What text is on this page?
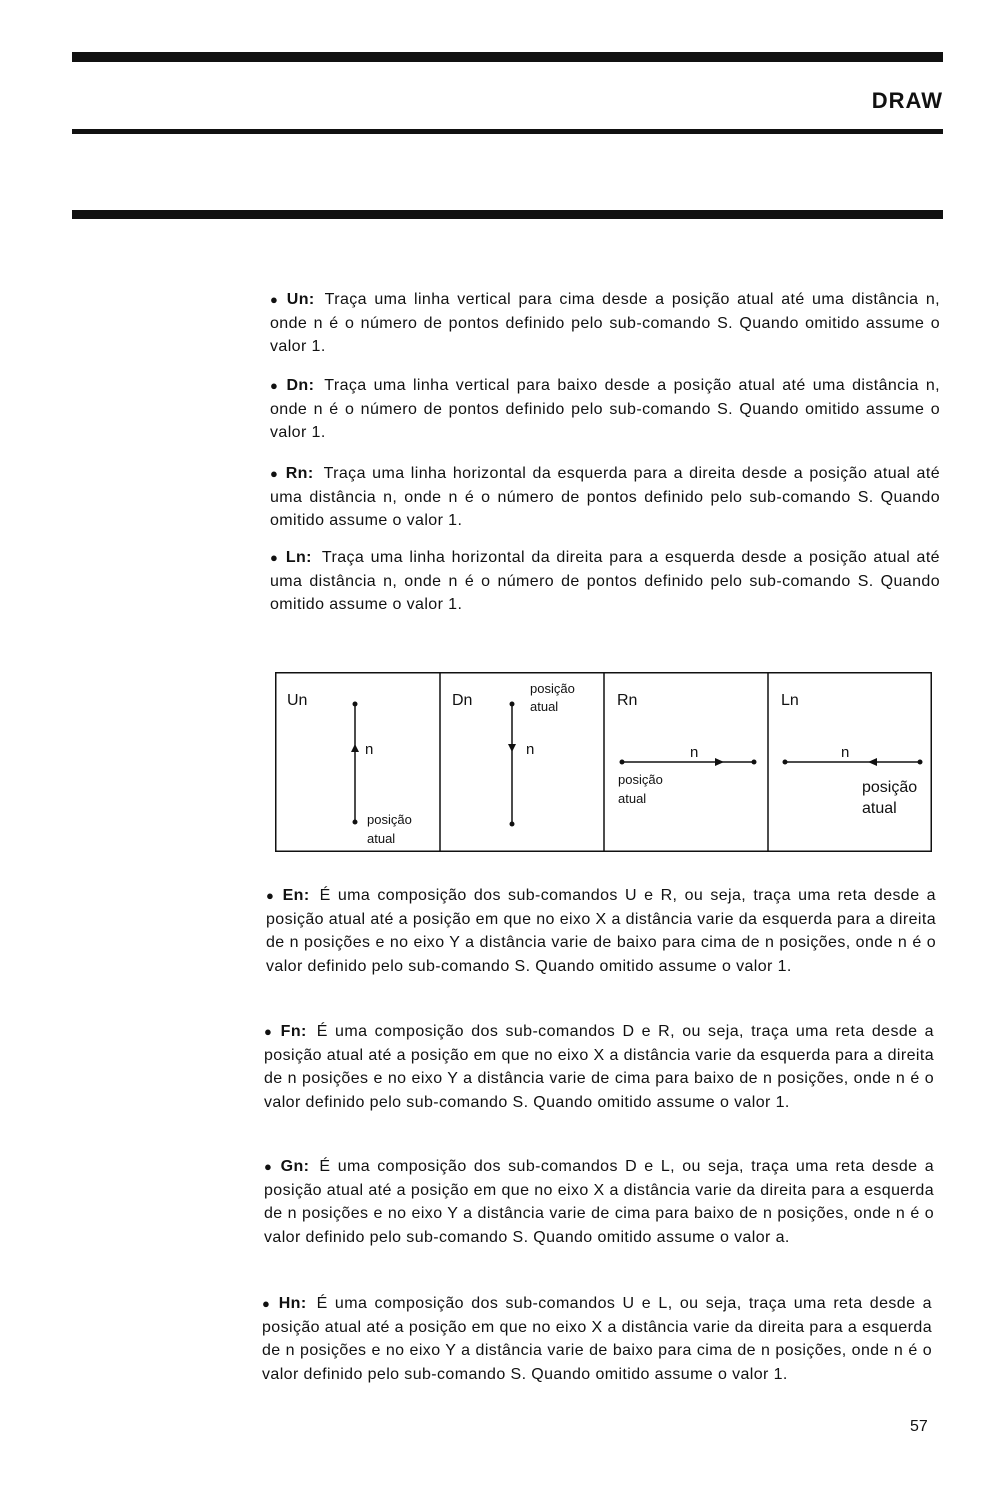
DRAW
● Un: Traça uma linha vertical para cima desde a posição atual até uma distância n, onde n é o número de pontos definido pelo sub-comando S. Quando omitido assume o valor 1.
● Dn: Traça uma linha vertical para baixo desde a posição atual até uma distância n, onde n é o número de pontos definido pelo sub-comando S. Quando omitido assume o valor 1.
● Rn: Traça uma linha horizontal da esquerda para a direita desde a posição atual até uma distância n, onde n é o número de pontos definido pelo sub-comando S. Quando omitido assume o valor 1.
● Ln: Traça uma linha horizontal da direita para a esquerda desde a posição atual até uma distância n, onde n é o número de pontos definido pelo sub-comando S. Quando omitido assume o valor 1.
Un
n
posição
atual
Dn
n
posição
atual	Rn
n
posição
atual
Ln
n
posição
atual
● En: É uma composição dos sub-comandos U e R, ou seja, traça uma reta desde a posição atual até a posição em que no eixo X a distância varie da esquerda para a direita de n posições e no eixo Y a distância varie de baixo para cima de n posições, onde n é o valor definido pelo sub-comando S. Quando omitido assume o valor 1.
● Fn: É uma composição dos sub-comandos D e R, ou seja, traça uma reta desde a posição atual até a posição em que no eixo X a distância varie da esquerda para a direita de n posições e no eixo Y a distância varie de cima para baixo de n posições, onde n é o valor definido pelo sub-comando S. Quando omitido assume o valor 1.
● Gn: É uma composição dos sub-comandos D e L, ou seja, traça uma reta desde a posição atual até a posição em que no eixo X a distância varie da direita para a esquerda de n posições e no eixo Y a distância varie de cima para baixo de n posições, onde n é o valor definido pelo sub-comando S. Quando omitido assume o valor a.
● Hn: É uma composição dos sub-comandos U e L, ou seja, traça uma reta desde a posição atual até a posição em que no eixo X a distância varie da direita para a esquerda de n posições e no eixo Y a distância varie de baixo para cima de n posições, onde n é o valor definido pelo sub-comando S. Quando omitido assume o valor 1.
57
